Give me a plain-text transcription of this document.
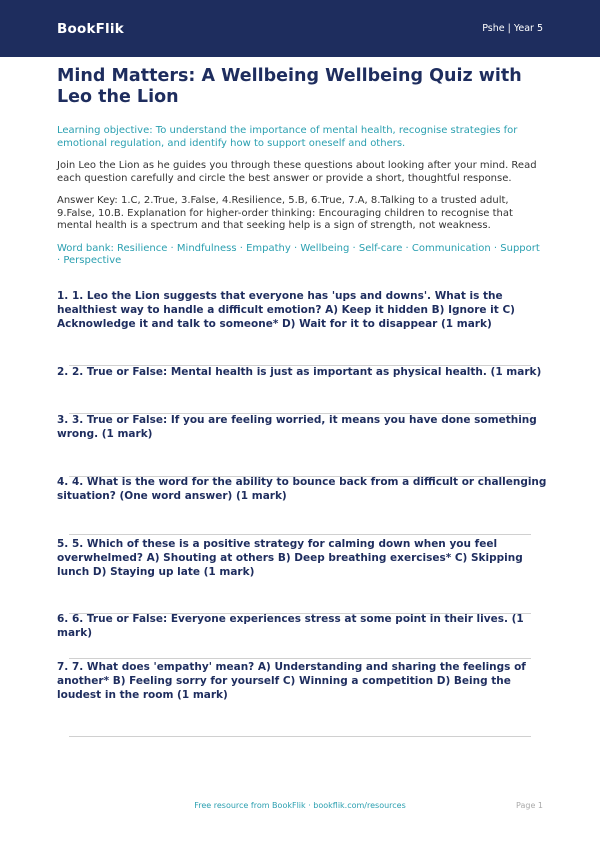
BookFlik	Pshe | Year 5
Mind Matters: A Wellbeing Wellbeing Quiz with Leo the Lion
Learning objective: To understand the importance of mental health, recognise strategies for emotional regulation, and identify how to support oneself and others.
Join Leo the Lion as he guides you through these questions about looking after your mind. Read each question carefully and circle the best answer or provide a short, thoughtful response.
Answer Key: 1.C, 2.True, 3.False, 4.Resilience, 5.B, 6.True, 7.A, 8.Talking to a trusted adult, 9.False, 10.B. Explanation for higher-order thinking: Encouraging children to recognise that mental health is a spectrum and that seeking help is a sign of strength, not weakness.
Word bank: Resilience · Mindfulness · Empathy · Wellbeing · Self-care · Communication · Support · Perspective
1. 1. Leo the Lion suggests that everyone has 'ups and downs'. What is the healthiest way to handle a difficult emotion? A) Keep it hidden B) Ignore it C) Acknowledge it and talk to someone* D) Wait for it to disappear (1 mark)
2. 2. True or False: Mental health is just as important as physical health. (1 mark)
3. 3. True or False: If you are feeling worried, it means you have done something wrong. (1 mark)
4. 4. What is the word for the ability to bounce back from a difficult or challenging situation? (One word answer) (1 mark)
5. 5. Which of these is a positive strategy for calming down when you feel overwhelmed? A) Shouting at others B) Deep breathing exercises* C) Skipping lunch D) Staying up late (1 mark)
6. 6. True or False: Everyone experiences stress at some point in their lives. (1 mark)
7. 7. What does 'empathy' mean? A) Understanding and sharing the feelings of another* B) Feeling sorry for yourself C) Winning a competition D) Being the loudest in the room (1 mark)
Free resource from BookFlik · bookflik.com/resources	Page 1
